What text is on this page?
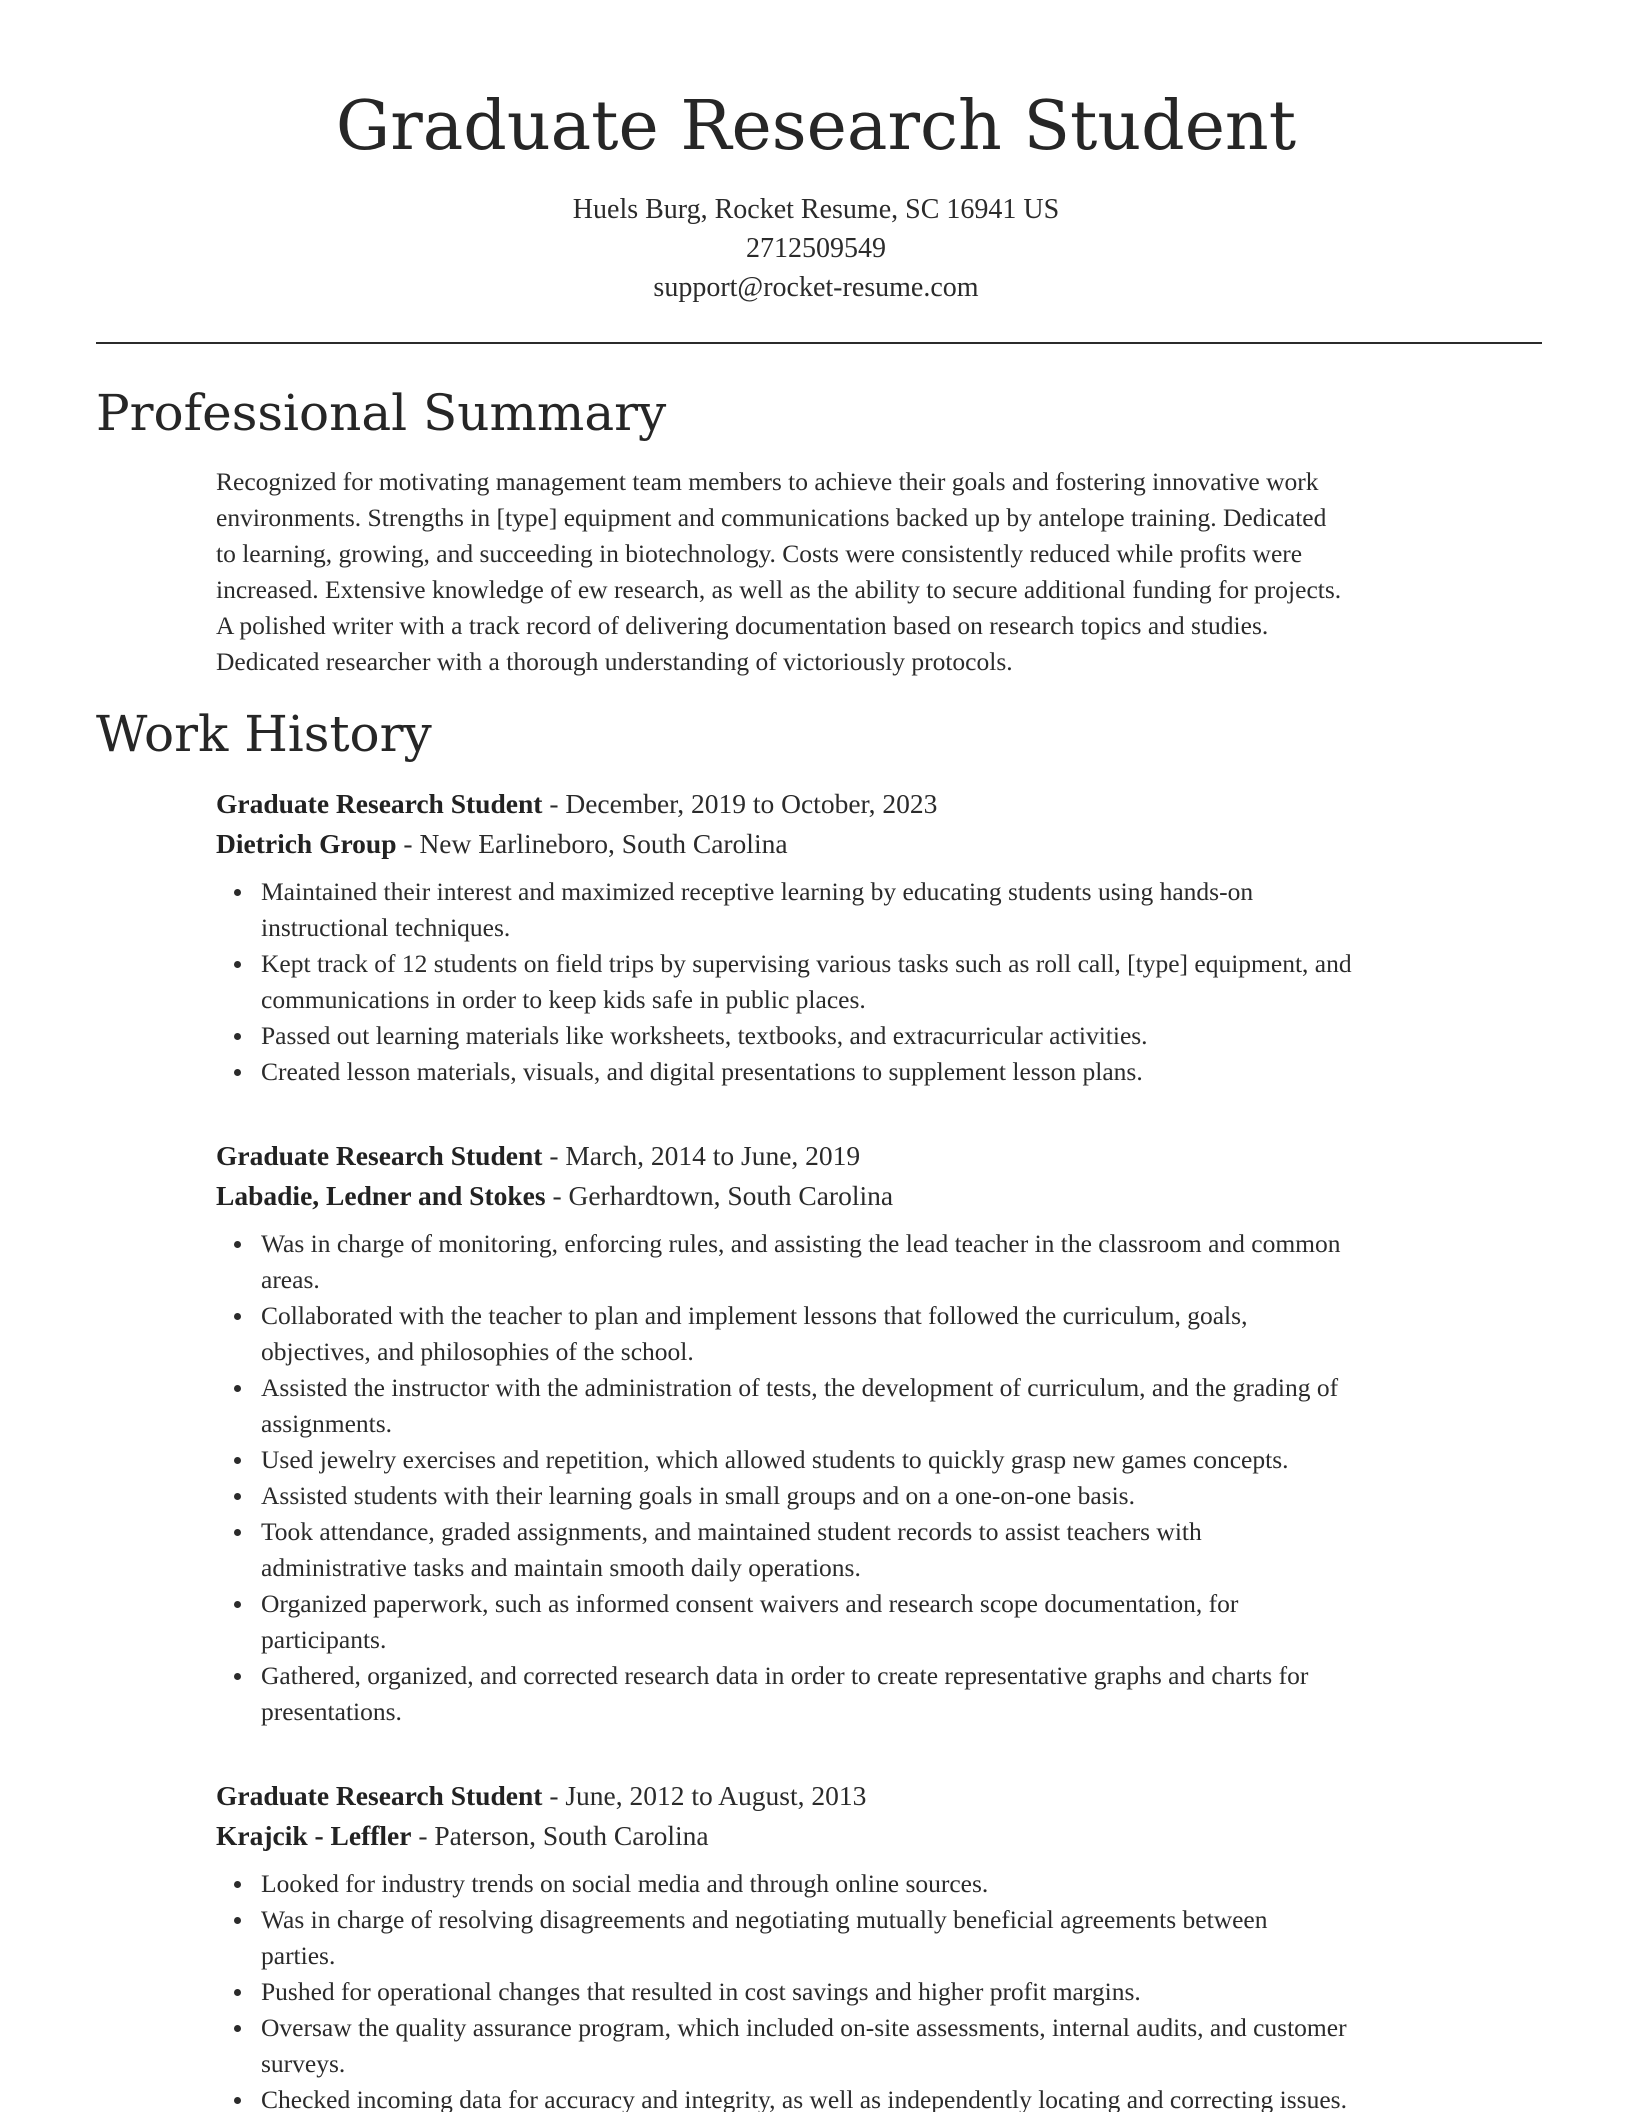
Graduate Research Student
Huels Burg, Rocket Resume, SC 16941 US
2712509549
support@rocket-resume.com
Professional Summary
Recognized for motivating management team members to achieve their goals and fostering innovative work
environments. Strengths in [type] equipment and communications backed up by antelope training. Dedicated
to learning, growing, and succeeding in biotechnology. Costs were consistently reduced while profits were
increased. Extensive knowledge of ew research, as well as the ability to secure additional funding for projects.
A polished writer with a track record of delivering documentation based on research topics and studies.
Dedicated researcher with a thorough understanding of victoriously protocols.
Work History
Graduate Research Student - December, 2019 to October, 2023
Dietrich Group - New Earlineboro, South Carolina
Maintained their interest and maximized receptive learning by educating students using hands-on
instructional techniques.
Kept track of 12 students on field trips by supervising various tasks such as roll call, [type] equipment, and
communications in order to keep kids safe in public places.
Passed out learning materials like worksheets, textbooks, and extracurricular activities.
Created lesson materials, visuals, and digital presentations to supplement lesson plans.
Graduate Research Student - March, 2014 to June, 2019
Labadie, Ledner and Stokes - Gerhardtown, South Carolina
Was in charge of monitoring, enforcing rules, and assisting the lead teacher in the classroom and common
areas.
Collaborated with the teacher to plan and implement lessons that followed the curriculum, goals,
objectives, and philosophies of the school.
Assisted the instructor with the administration of tests, the development of curriculum, and the grading of
assignments.
Used jewelry exercises and repetition, which allowed students to quickly grasp new games concepts.
Assisted students with their learning goals in small groups and on a one-on-one basis.
Took attendance, graded assignments, and maintained student records to assist teachers with
administrative tasks and maintain smooth daily operations.
Organized paperwork, such as informed consent waivers and research scope documentation, for
participants.
Gathered, organized, and corrected research data in order to create representative graphs and charts for
presentations.
Graduate Research Student - June, 2012 to August, 2013
Krajcik - Leffler - Paterson, South Carolina
Looked for industry trends on social media and through online sources.
Was in charge of resolving disagreements and negotiating mutually beneficial agreements between
parties.
Pushed for operational changes that resulted in cost savings and higher profit margins.
Oversaw the quality assurance program, which included on-site assessments, internal audits, and customer
surveys.
Checked incoming data for accuracy and integrity, as well as independently locating and correcting issues.
